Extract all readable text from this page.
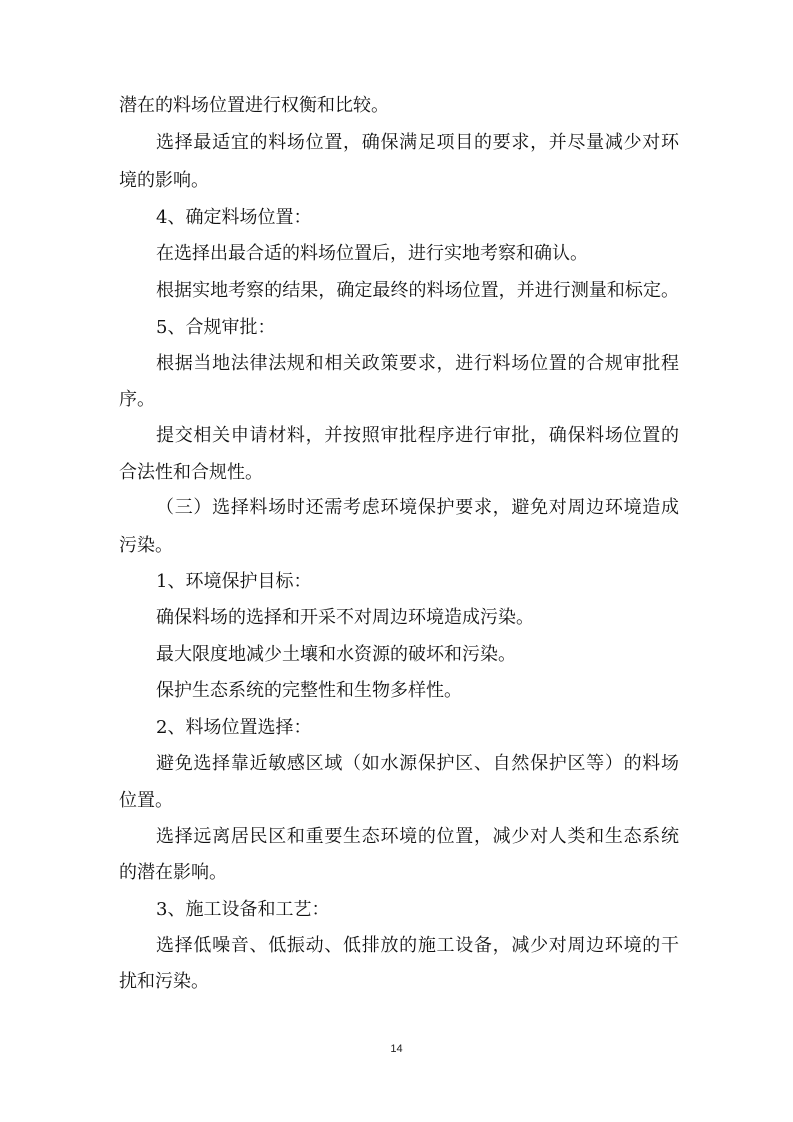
潜在的料场位置进行权衡和比较。
选择最适宜的料场位置，确保满足项目的要求，并尽量减少对环
境的影响。
4、确定料场位置：
在选择出最合适的料场位置后，进行实地考察和确认。
根据实地考察的结果，确定最终的料场位置，并进行测量和标定。
5、合规审批：
根据当地法律法规和相关政策要求，进行料场位置的合规审批程
序。
提交相关申请材料，并按照审批程序进行审批，确保料场位置的
合法性和合规性。
（三）选择料场时还需考虑环境保护要求，避免对周边环境造成
污染。
1、环境保护目标：
确保料场的选择和开采不对周边环境造成污染。
最大限度地减少土壤和水资源的破坏和污染。
保护生态系统的完整性和生物多样性。
2、料场位置选择：
避免选择靠近敏感区域（如水源保护区、自然保护区等）的料场
位置。
选择远离居民区和重要生态环境的位置，减少对人类和生态系统
的潜在影响。
3、施工设备和工艺：
选择低噪音、低振动、低排放的施工设备，减少对周边环境的干
扰和污染。
14
